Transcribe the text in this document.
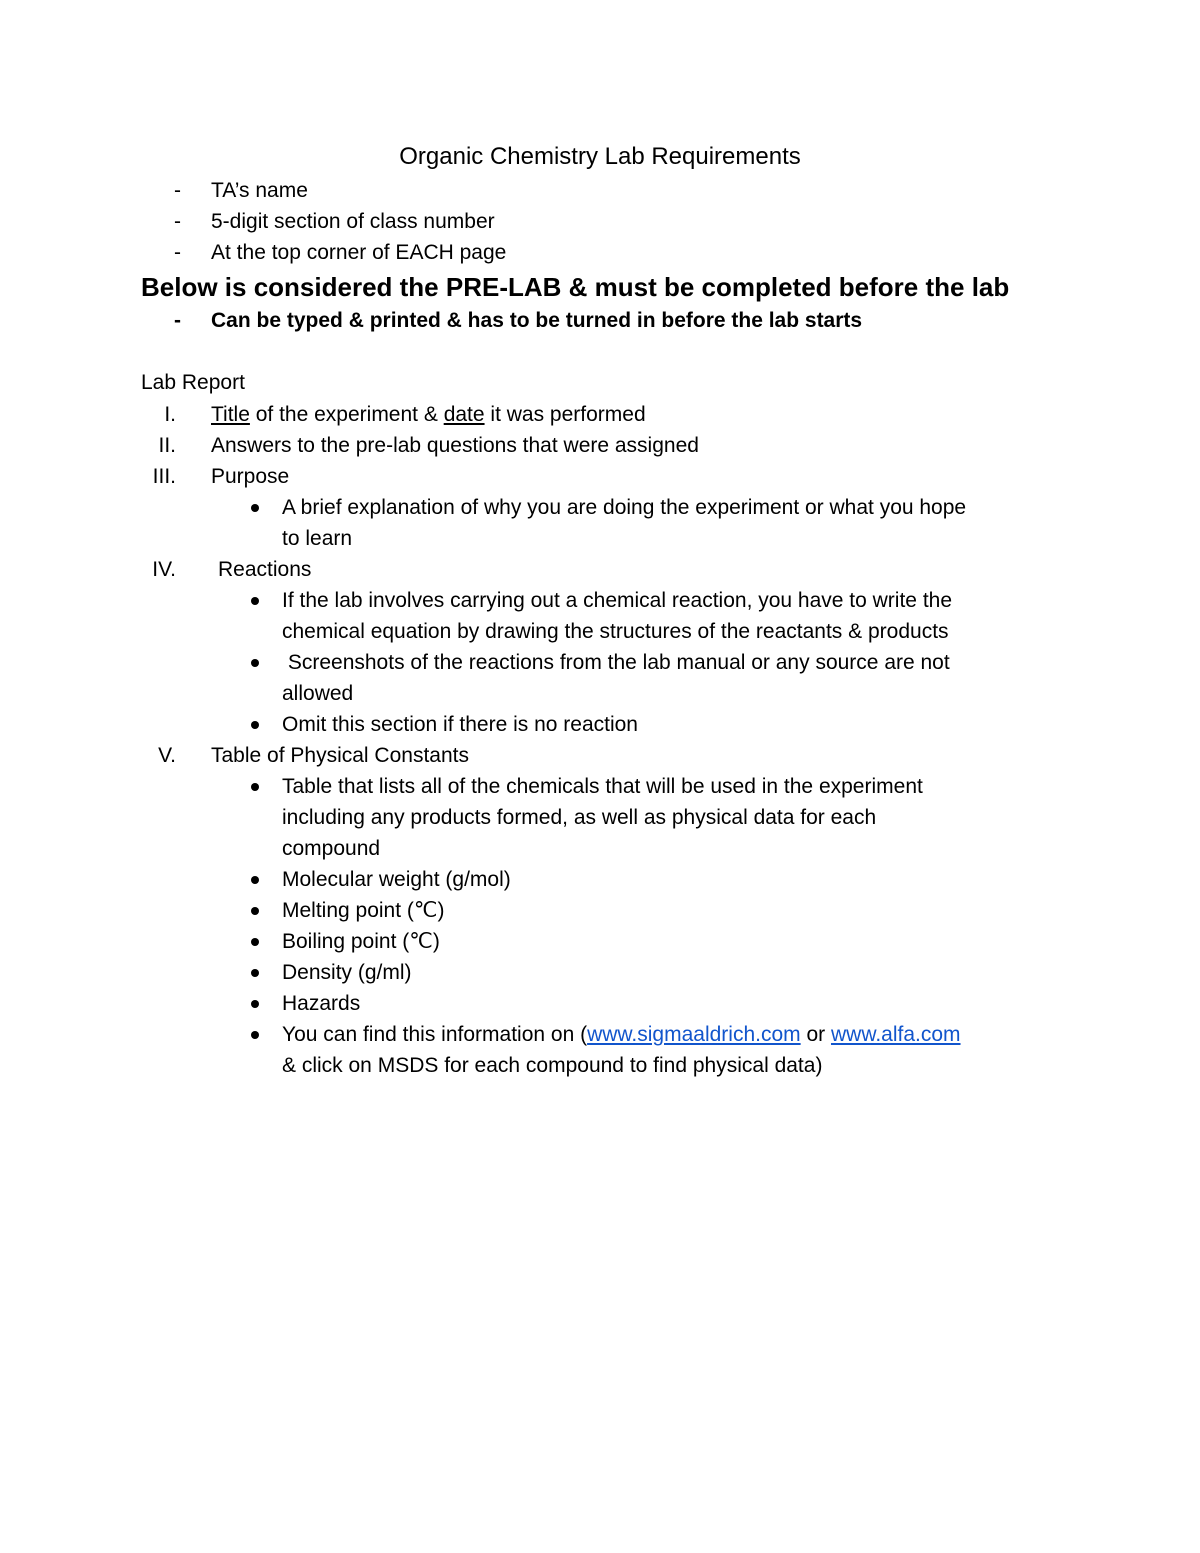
Organic Chemistry Lab Requirements
-	TA’s name
-	5-digit section of class number
-	At the top corner of EACH page
Below is considered the PRE-LAB & must be completed before the lab
- Can be typed & printed & has to be turned in before the lab starts
Lab Report
I. Title of the experiment & date it was performed
II. Answers to the pre-lab questions that were assigned
III. Purpose
A brief explanation of why you are doing the experiment or what you hope
to learn
IV. Reactions
If the lab involves carrying out a chemical reaction, you have to write the
chemical equation by drawing the structures of the reactants & products
Screenshots of the reactions from the lab manual or any source are not
allowed
Omit this section if there is no reaction
V. Table of Physical Constants
Table that lists all of the chemicals that will be used in the experiment
including any products formed, as well as physical data for each
compound
Molecular weight (g/mol)
Melting point (℃)
Boiling point (℃)
Density (g/ml)
Hazards
You can find this information on (www.sigmaaldrich.com or www.alfa.com
& click on MSDS for each compound to find physical data)
